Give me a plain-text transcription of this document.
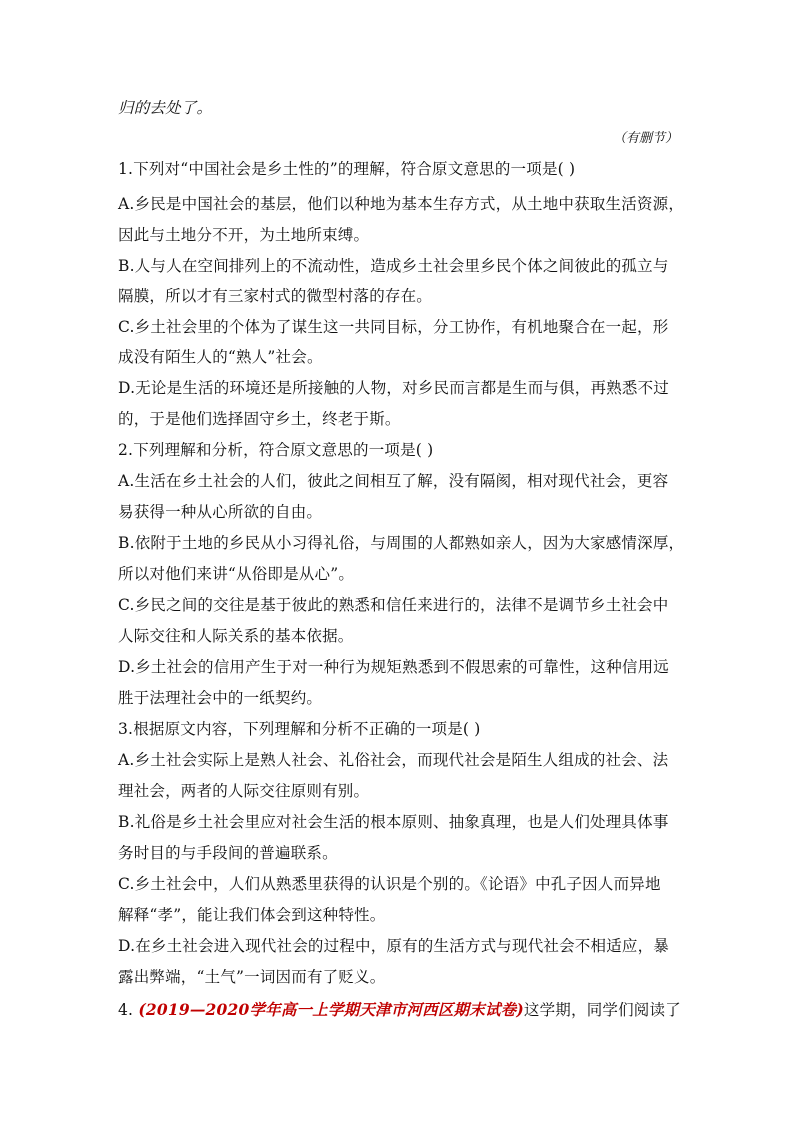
归的去处了。
（有删节）
1.下列对“中国社会是乡土性的”的理解，符合原文意思的一项是( )
A.乡民是中国社会的基层，他们以种地为基本生存方式，从土地中获取生活资源，
因此与土地分不开，为土地所束缚。
B.人与人在空间排列上的不流动性，造成乡土社会里乡民个体之间彼此的孤立与
隔膜，所以才有三家村式的微型村落的存在。
C.乡土社会里的个体为了谋生这一共同目标，分工协作，有机地聚合在一起，形
成没有陌生人的“熟人”社会。
D.无论是生活的环境还是所接触的人物，对乡民而言都是生而与俱，再熟悉不过
的，于是他们选择固守乡土，终老于斯。
2.下列理解和分析，符合原文意思的一项是( )
A.生活在乡土社会的人们，彼此之间相互了解，没有隔阂，相对现代社会，更容
易获得一种从心所欲的自由。
B.依附于土地的乡民从小习得礼俗，与周围的人都熟如亲人，因为大家感情深厚，
所以对他们来讲“从俗即是从心”。
C.乡民之间的交往是基于彼此的熟悉和信任来进行的，法律不是调节乡土社会中
人际交往和人际关系的基本依据。
D.乡土社会的信用产生于对一种行为规矩熟悉到不假思索的可靠性，这种信用远
胜于法理社会中的一纸契约。
3.根据原文内容，下列理解和分析不正确的一项是( )
A.乡土社会实际上是熟人社会、礼俗社会，而现代社会是陌生人组成的社会、法
理社会，两者的人际交往原则有别。
B.礼俗是乡土社会里应对社会生活的根本原则、抽象真理，也是人们处理具体事
务时目的与手段间的普遍联系。
C.乡土社会中，人们从熟悉里获得的认识是个别的。《论语》中孔子因人而异地
解释“孝”，能让我们体会到这种特性。
D.在乡土社会进入现代社会的过程中，原有的生活方式与现代社会不相适应，暴
露出弊端，“土气”一词因而有了贬义。
4. (2019—2020学年高一上学期天津市河西区期末试卷)这学期，同学们阅读了
